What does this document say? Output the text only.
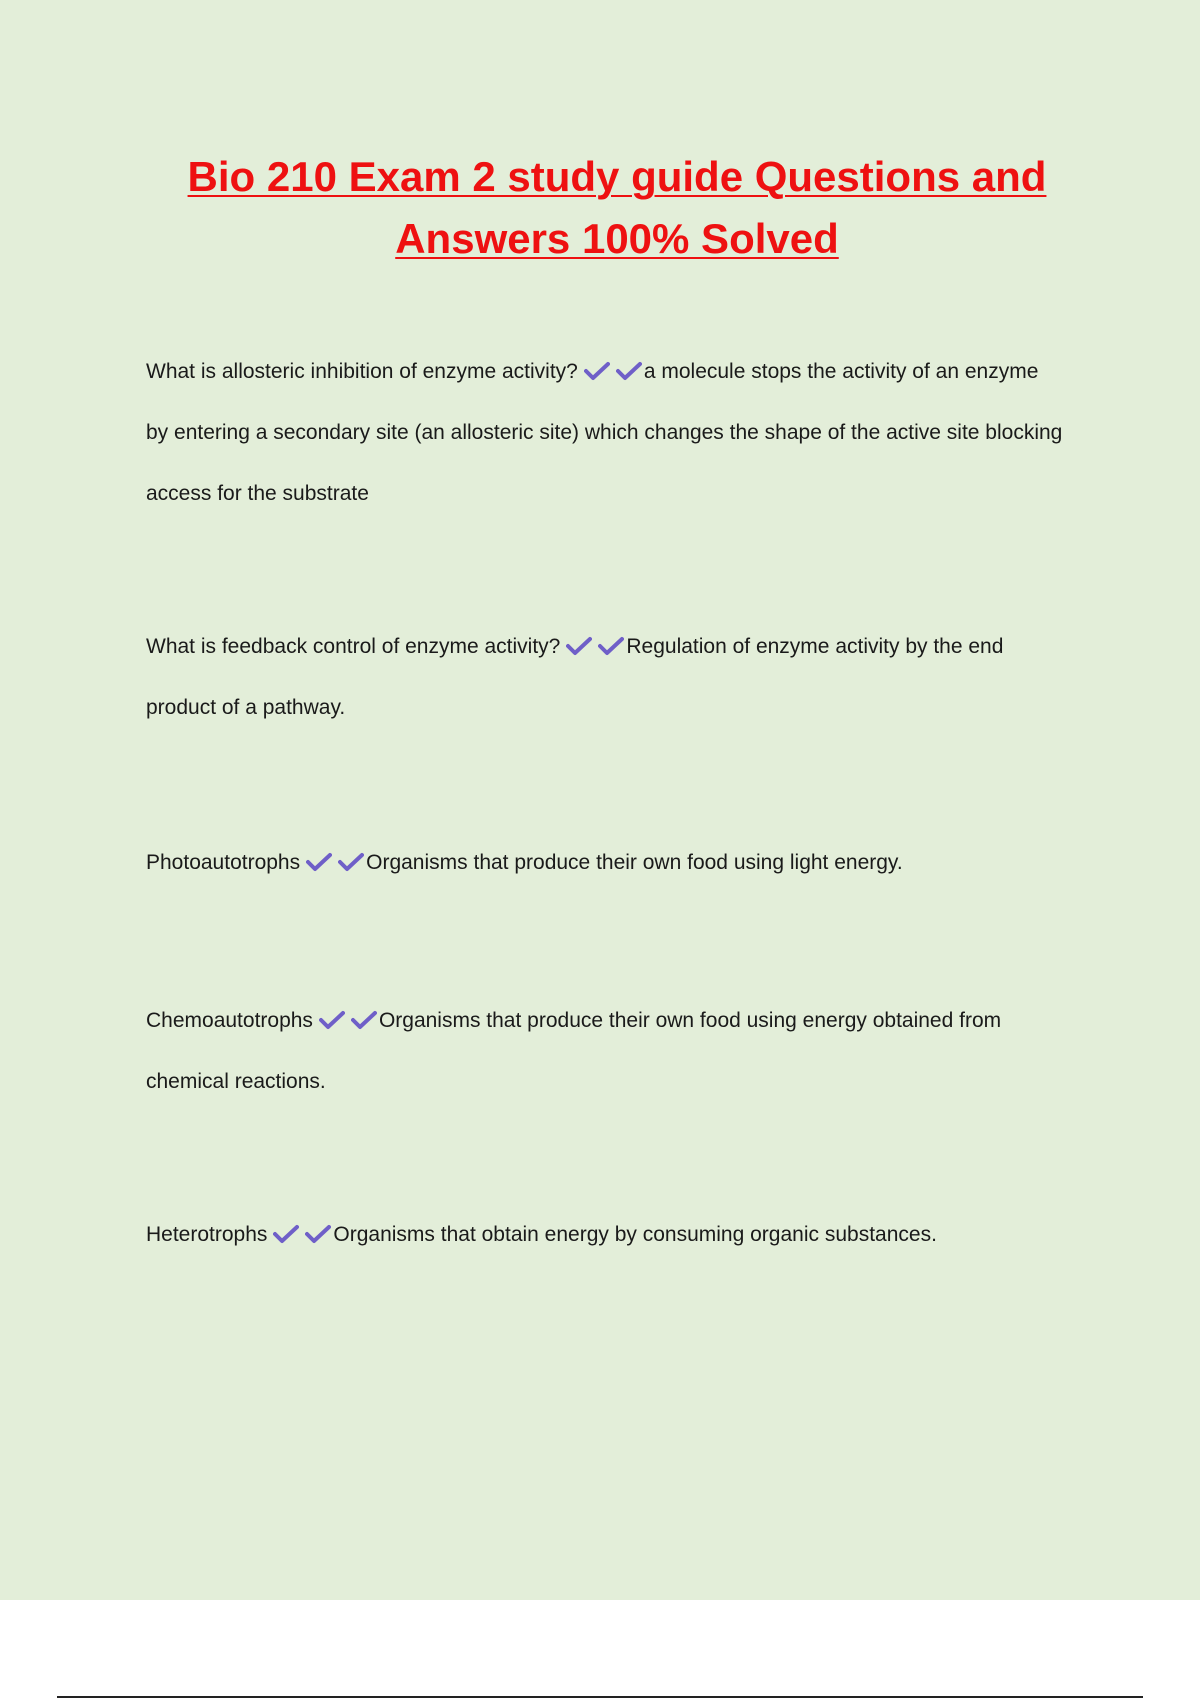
Bio 210 Exam 2 study guide Questions and
Answers 100% Solved

What is allosteric inhibition of enzyme activity?	a molecule stops the activity of an enzyme by entering a secondary site (an allosteric site) which changes the shape of the active site blocking access for the substrate

What is feedback control of enzyme activity?	Regulation of enzyme activity by the end product of a pathway.

Photoautotrophs	Organisms that produce their own food using light energy.

Chemoautotrophs	Organisms that produce their own food using energy obtained from chemical reactions.

Heterotrophs	Organisms that obtain energy by consuming organic substances.
